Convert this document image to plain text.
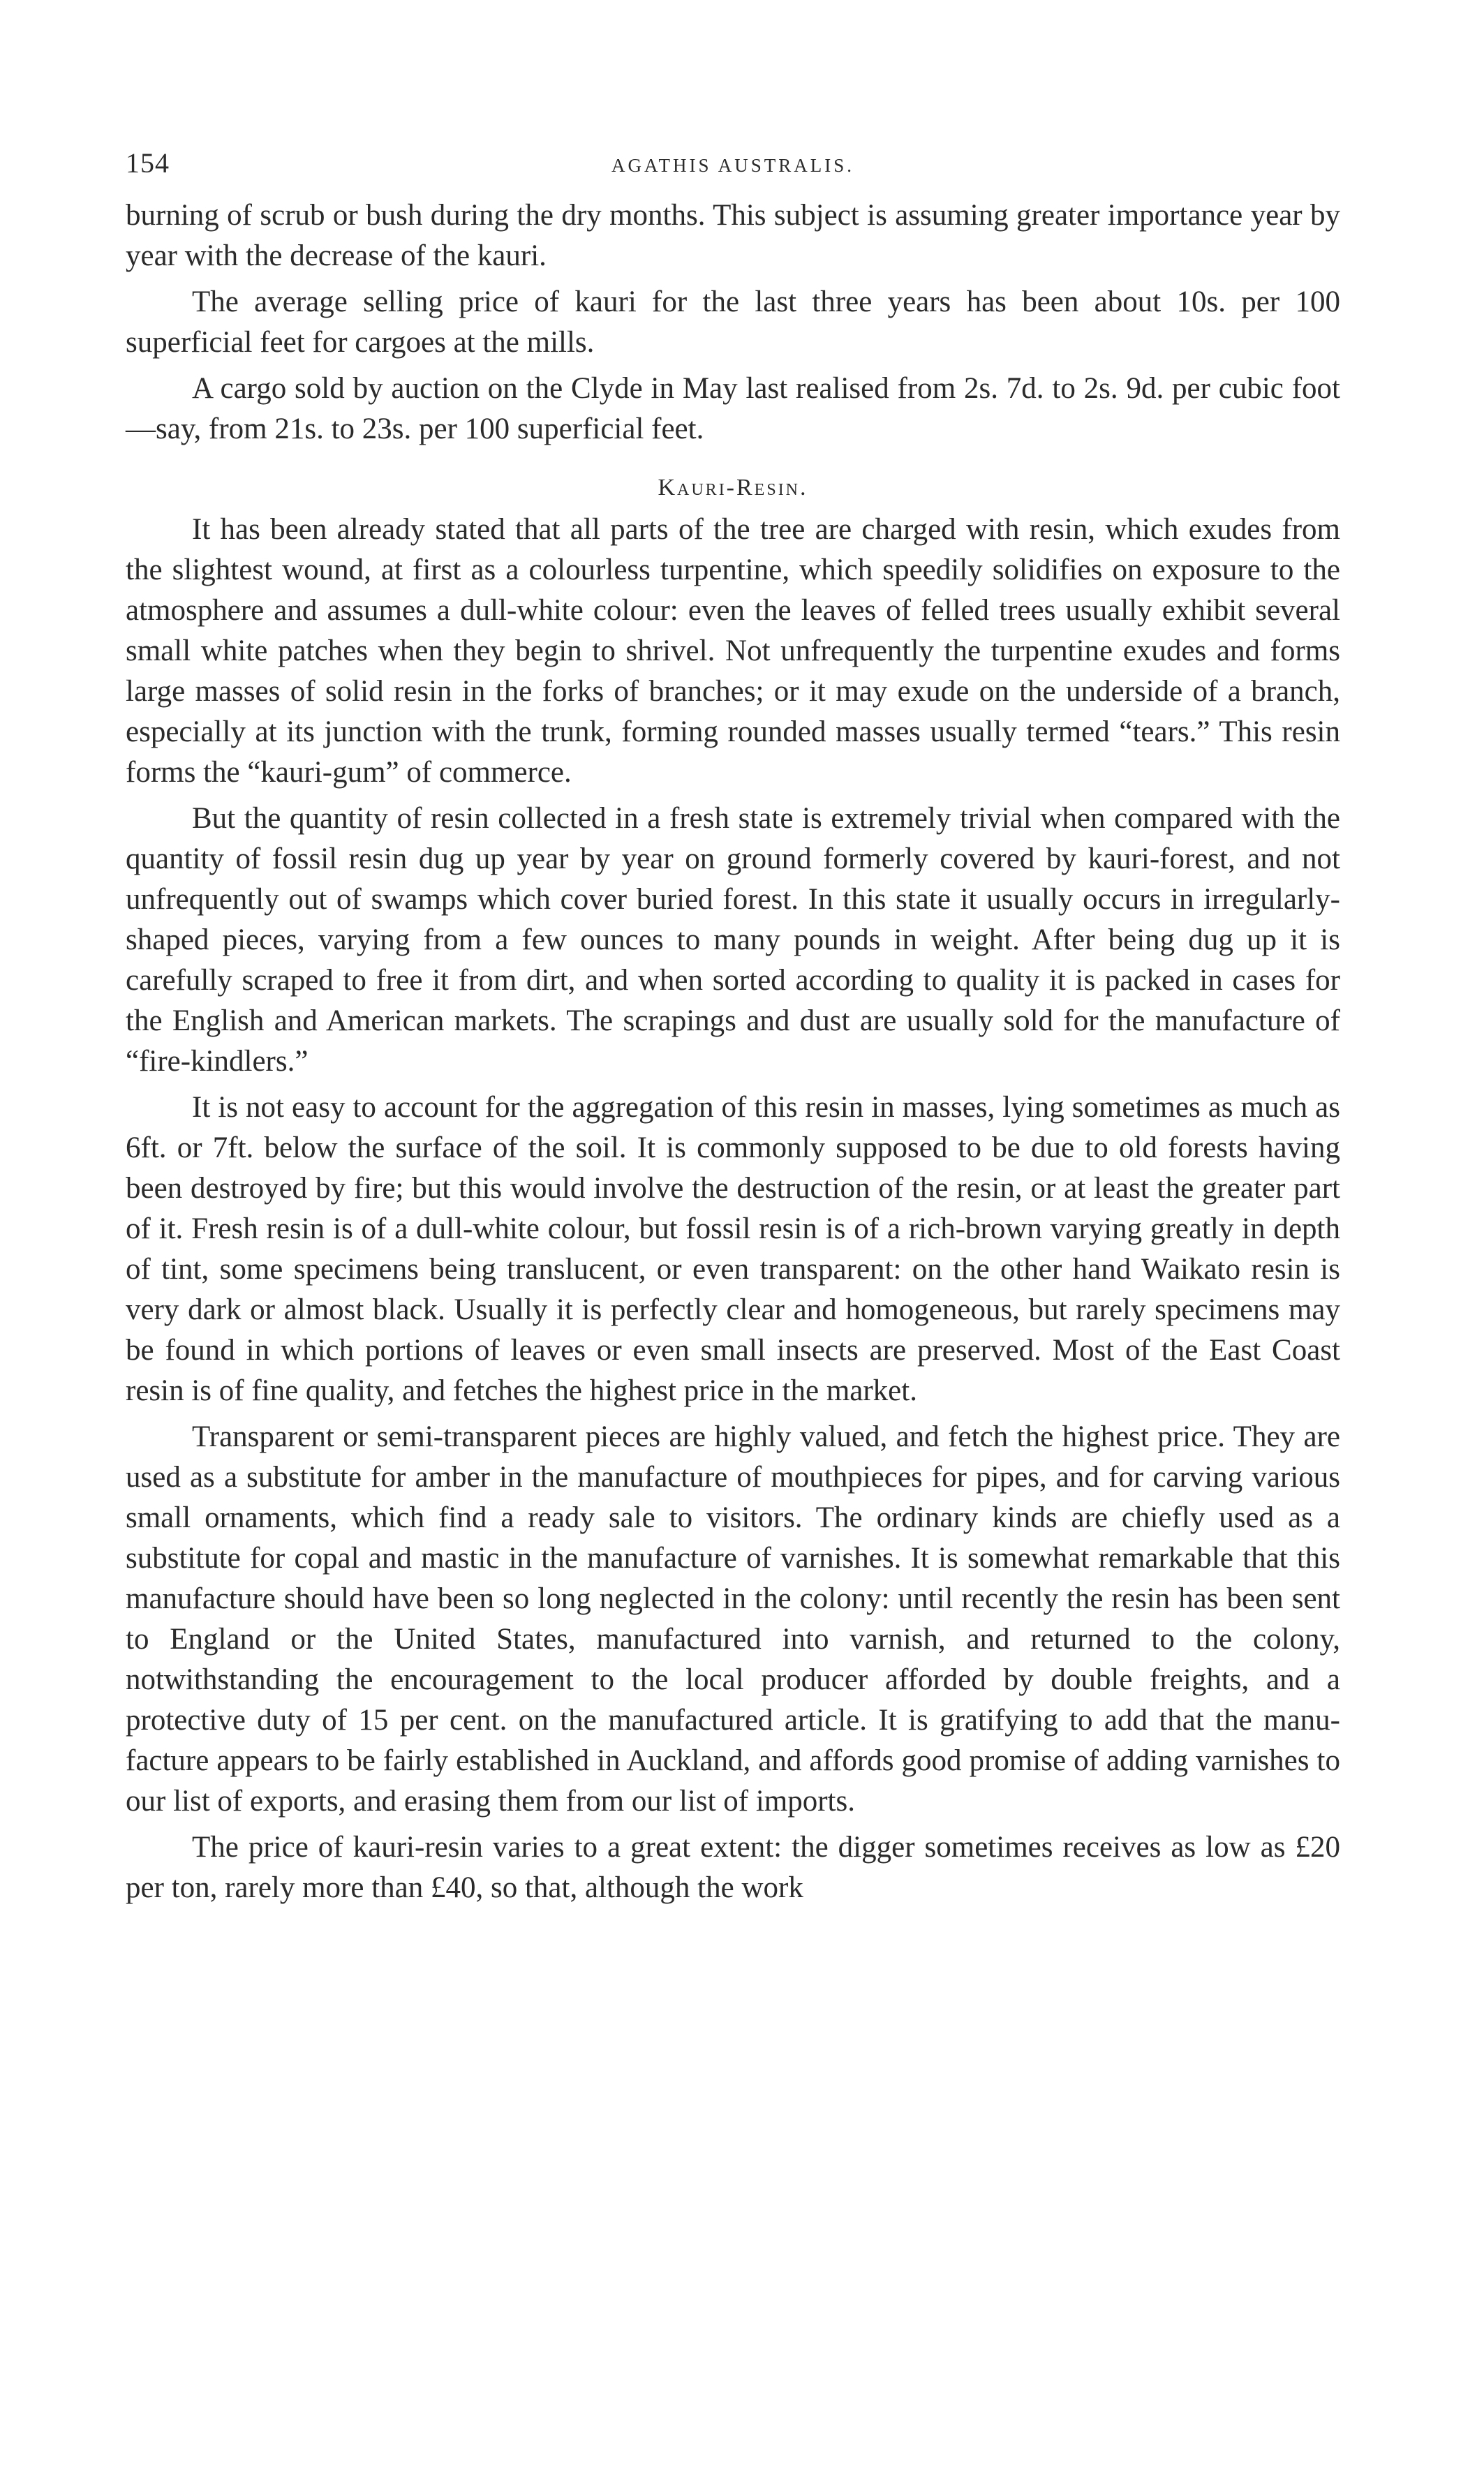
154	AGATHIS AUSTRALIS.

burning of scrub or bush during the dry months. This subject is assuming greater importance year by year with the decrease of the kauri.

The average selling price of kauri for the last three years has been about 10s. per 100 superficial feet for cargoes at the mills.

A cargo sold by auction on the Clyde in May last realised from 2s. 7d. to 2s. 9d. per cubic foot—say, from 21s. to 23s. per 100 superficial feet.

Kauri-Resin.

It has been already stated that all parts of the tree are charged with resin, which exudes from the slightest wound, at first as a colourless turpentine, which speedily solidifies on exposure to the atmosphere and assumes a dull-white colour: even the leaves of felled trees usually exhibit several small white patches when they begin to shrivel. Not unfrequently the turpentine exudes and forms large masses of solid resin in the forks of branches; or it may exude on the underside of a branch, especially at its junction with the trunk, forming rounded masses usually termed “tears.” This resin forms the “kauri-gum” of commerce.

But the quantity of resin collected in a fresh state is extremely trivial when compared with the quantity of fossil resin dug up year by year on ground formerly covered by kauri-forest, and not unfrequently out of swamps which cover buried forest. In this state it usually occurs in irregularly-shaped pieces, varying from a few ounces to many pounds in weight. After being dug up it is carefully scraped to free it from dirt, and when sorted according to quality it is packed in cases for the English and American markets. The scrapings and dust are usually sold for the manufacture of “fire-kindlers.”

It is not easy to account for the aggregation of this resin in masses, lying sometimes as much as 6ft. or 7ft. below the surface of the soil. It is commonly supposed to be due to old forests having been destroyed by fire; but this would involve the destruction of the resin, or at least the greater part of it. Fresh resin is of a dull-white colour, but fossil resin is of a rich-brown varying greatly in depth of tint, some specimens being translucent, or even transparent: on the other hand Waikato resin is very dark or almost black. Usually it is perfectly clear and homogeneous, but rarely specimens may be found in which portions of leaves or even small insects are preserved. Most of the East Coast resin is of fine quality, and fetches the highest price in the market.

Transparent or semi-transparent pieces are highly valued, and fetch the highest price. They are used as a substitute for amber in the manufacture of mouthpieces for pipes, and for carving various small ornaments, which find a ready sale to visitors. The ordinary kinds are chiefly used as a substitute for copal and mastic in the manufacture of varnishes. It is somewhat remarkable that this manufacture should have been so long neglected in the colony: until recently the resin has been sent to England or the United States, manufactured into varnish, and returned to the colony, notwithstanding the encouragement to the local producer afforded by double freights, and a protective duty of 15 per cent. on the manufactured article. It is gratifying to add that the manufacture appears to be fairly established in Auckland, and affords good promise of adding varnishes to our list of exports, and erasing them from our list of imports.

The price of kauri-resin varies to a great extent: the digger sometimes receives as low as £20 per ton, rarely more than £40, so that, although the work
